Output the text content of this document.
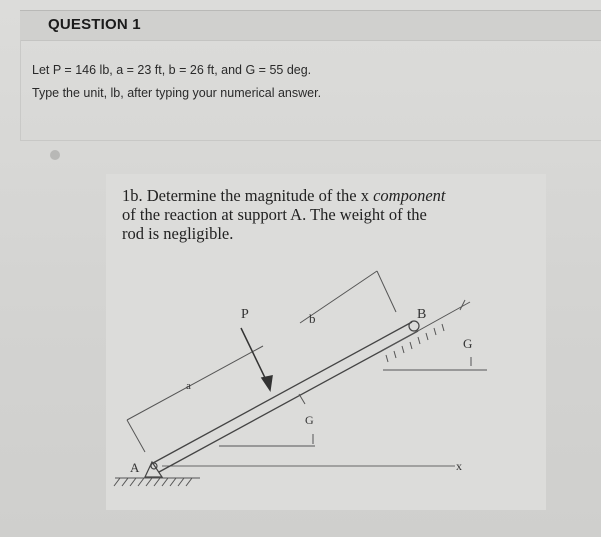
QUESTION 1
Let P = 146 lb, a = 23 ft, b = 26 ft, and G = 55 deg.
Type the unit, lb, after typing your numerical answer.
1b. Determine the magnitude of the x component
of the reaction at support A. The weight of the
rod is negligible.
P	b
a
B
A
G
G
x
